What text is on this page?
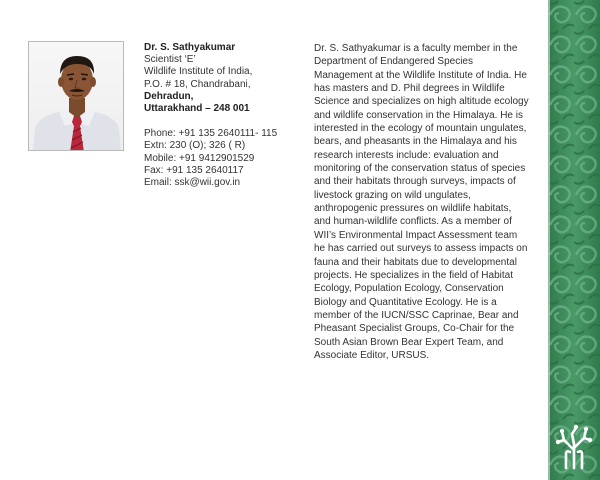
Dr. S. Sathyakumar
Scientist ‘E’
Wildlife Institute of India,
P.O. # 18, Chandrabani,
Dehradun,
Uttarakhand – 248 001
Phone: +91 135 2640111- 115
Extn: 230 (O); 326 ( R)
Mobile: +91 9412901529
Fax: +91 135 2640117
Email: ssk@wii.gov.in
Dr. S. Sathyakumar is a faculty member in the
Department of Endangered Species
Management at the Wildlife Institute of India. He
has masters and D. Phil degrees in Wildlife
Science and specializes on high altitude ecology
and wildlife conservation in the Himalaya. He is
interested in the ecology of mountain ungulates,
bears, and pheasants in the Himalaya and his
research interests include: evaluation and
monitoring of the conservation status of species
and their habitats through surveys, impacts of
livestock grazing on wild ungulates,
anthropogenic pressures on wildlife habitats,
and human-wildlife conflicts. As a member of
WII’s Environmental Impact Assessment team
he has carried out surveys to assess impacts on
fauna and their habitats due to developmental
projects. He specializes in the field of Habitat
Ecology, Population Ecology, Conservation
Biology and Quantitative Ecology. He is a
member of the IUCN/SSC Caprinae, Bear and
Pheasant Specialist Groups, Co-Chair for the
South Asian Brown Bear Expert Team, and
Associate Editor, URSUS.
